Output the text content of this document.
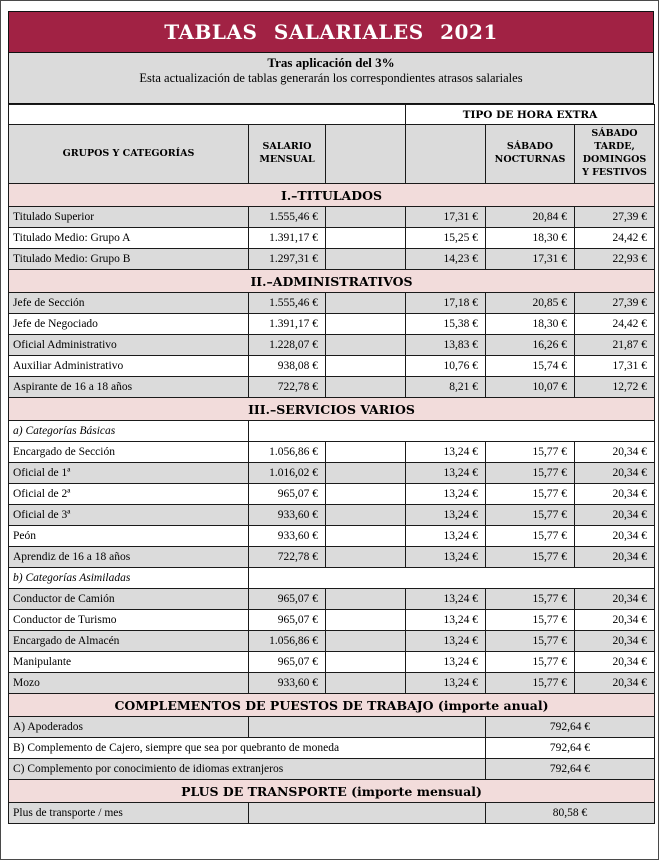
TABLAS SALARIALES 2021
Tras aplicación del 3%
Esta actualización de tablas generarán los correspondientes atrasos salariales
			TIPO DE HORA EXTRA		
GRUPOS Y CATEGORÍAS	SALARIO MENSUAL			SÁBADO NOCTURNAS	SÁBADO TARDE, DOMINGOS Y FESTIVOS
I.–TITULADOS					
Titulado Superior	1.555,46 €		17,31 €	20,84 €	27,39 €
Titulado Medio: Grupo A	1.391,17 €		15,25 €	18,30 €	24,42 €
Titulado Medio: Grupo B	1.297,31 €		14,23 €	17,31 €	22,93 €
II.–ADMINISTRATIVOS					
Jefe de Sección	1.555,46 €		17,18 €	20,85 €	27,39 €
Jefe de Negociado	1.391,17 €		15,38 €	18,30 €	24,42 €
Oficial Administrativo	1.228,07 €		13,83 €	16,26 €	21,87 €
Auxiliar Administrativo	938,08 €		10,76 €	15,74 €	17,31 €
Aspirante de 16 a 18 años	722,78 €		8,21 €	10,07 €	12,72 €
III.–SERVICIOS VARIOS					
a) Categorías Básicas					
Encargado de Sección	1.056,86 €		13,24 €	15,77 €	20,34 €
Oficial de 1ª	1.016,02 €		13,24 €	15,77 €	20,34 €
Oficial de 2ª	965,07 €		13,24 €	15,77 €	20,34 €
Oficial de 3ª	933,60 €		13,24 €	15,77 €	20,34 €
Peón	933,60 €		13,24 €	15,77 €	20,34 €
Aprendiz de 16 a 18 años	722,78 €		13,24 €	15,77 €	20,34 €
b) Categorías Asimiladas					
Conductor de Camión	965,07 €		13,24 €	15,77 €	20,34 €
Conductor de Turismo	965,07 €		13,24 €	15,77 €	20,34 €
Encargado de Almacén	1.056,86 €		13,24 €	15,77 €	20,34 €
Manipulante	965,07 €		13,24 €	15,77 €	20,34 €
Mozo	933,60 €		13,24 €	15,77 €	20,34 €
COMPLEMENTOS DE PUESTOS DE TRABAJO (importe anual)					
A) Apoderados				792,64 €	
B) Complemento de Cajero, siempre que sea por quebranto de moneda				792,64 €	
C) Complemento por conocimiento de idiomas extranjeros				792,64 €	
PLUS DE TRANSPORTE (importe mensual)					
Plus de transporte / mes				80,58 €	
